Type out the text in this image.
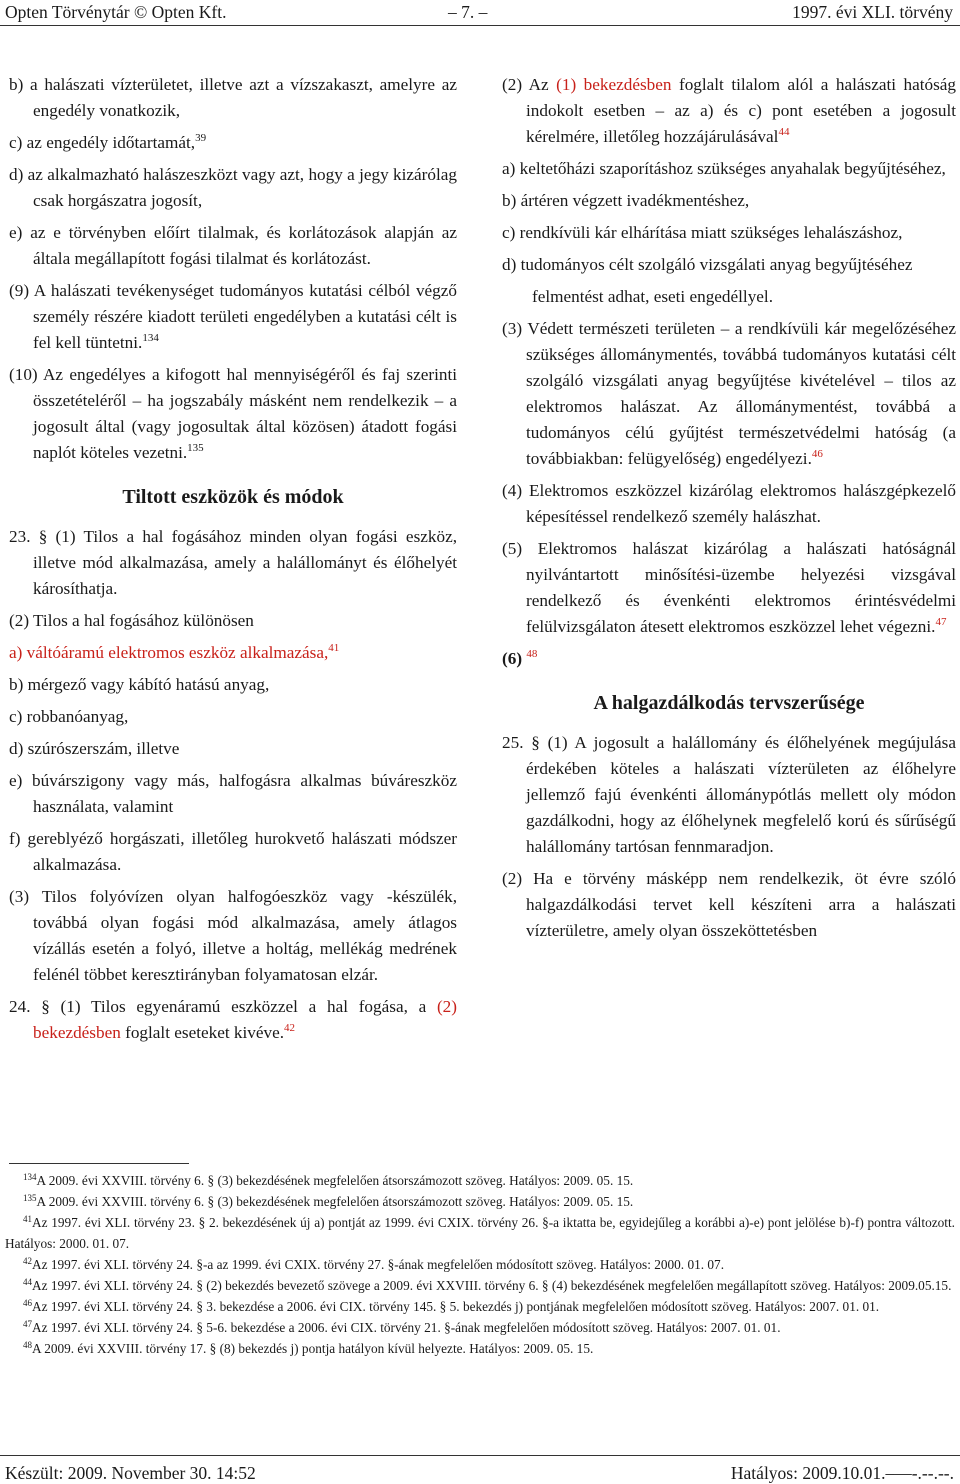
Opten Törvénytár © Opten Kft.	– 7. –	1997. évi XLI. törvény

b) a halászati vízterületet, illetve azt a vízszakaszt, amelyre az engedély vonatkozik,

c) az engedély időtartamát,$^{39}$

d) az alkalmazható halászeszközt vagy azt, hogy a jegy kizárólag csak horgászatra jogosít,

e) az e törvényben előírt tilalmak, és korlátozások alapján az általa megállapított fogási tilalmat és korlátozást.

(9) A halászati tevékenységet tudományos kutatási célból végző személy részére kiadott területi engedélyben a kutatási célt is fel kell tüntetni.$^{134}$

(10) Az engedélyes a kifogott hal mennyiségéről és faj szerinti összetételéről – ha jogszabály másként nem rendelkezik – a jogosult által (vagy jogosultak által közösen) átadott fogási naplót köteles vezetni.$^{135}$

Tiltott eszközök és módok

23. § (1) Tilos a hal fogásához minden olyan fogási eszköz, illetve mód alkalmazása, amely a halállományt és élőhelyét károsíthatja.

(2) Tilos a hal fogásához különösen

a) váltóáramú elektromos eszköz alkalmazása,$^{41}$

b) mérgező vagy kábító hatású anyag,

c) robbanóanyag,

d) szúrószerszám, illetve

e) búvárszigony vagy más, halfogásra alkalmas búváreszköz használata, valamint

f) gereblyéző horgászati, illetőleg hurokvető halászati módszer alkalmazása.

(3) Tilos folyóvízen olyan halfogóeszköz vagy -készülék, továbbá olyan fogási mód alkalmazása, amely átlagos vízállás esetén a folyó, illetve a holtág, mellékág medrének felénél többet keresztirányban folyamatosan elzár.

24. § (1) Tilos egyenáramú eszközzel a hal fogása, a (2) bekezdésben foglalt eseteket kivéve.$^{42}$

(2) Az (1) bekezdésben foglalt tilalom alól a halászati hatóság indokolt esetben – az a) és c) pont esetében a jogosult kérelmére, illetőleg hozzájárulásával$^{44}$

a) keltetőházi szaporításhoz szükséges anyahalak begyűjtéséhez,

b) ártéren végzett ivadékmentéshez,

c) rendkívüli kár elhárítása miatt szükséges lehalászáshoz,

d) tudományos célt szolgáló vizsgálati anyag begyűjtéséhez

felmentést adhat, eseti engedéllyel.

(3) Védett természeti területen – a rendkívüli kár megelőzéséhez szükséges állománymentés, továbbá tudományos kutatási célt szolgáló vizsgálati anyag begyűjtése kivételével – tilos az elektromos halászat. Az állománymentést, továbbá a tudományos célú gyűjtést természetvédelmi hatóság (a továbbiakban: felügyelőség) engedélyezi.$^{46}$

(4) Elektromos eszközzel kizárólag elektromos halászgépkezelő képesítéssel rendelkező személy halászhat.

(5) Elektromos halászat kizárólag a halászati hatóságnál nyilvántartott minősítési-üzembe helyezési vizsgával rendelkező és évenkénti elektromos érintésvédelmi felülvizsgálaton átesett elektromos eszközzel lehet végezni.$^{47}$

(6) $^{48}$

A halgazdálkodás tervszerűsége

25. § (1) A jogosult a halállomány és élőhelyének megújulása érdekében köteles a halászati vízterületen az élőhelyre jellemző fajú évenkénti állománypótlás mellett oly módon gazdálkodni, hogy az élőhelynek megfelelő korú és sűrűségű halállomány tartósan fennmaradjon.

(2) Ha e törvény másképp nem rendelkezik, öt évre szóló halgazdálkodási tervet kell készíteni arra a halászati vízterületre, amely olyan összeköttetésben

$^{134}$A 2009. évi XXVIII. törvény 6. § (3) bekezdésének megfelelően átsorszámozott szöveg. Hatályos: 2009. 05. 15.
$^{135}$A 2009. évi XXVIII. törvény 6. § (3) bekezdésének megfelelően átsorszámozott szöveg. Hatályos: 2009. 05. 15.
$^{41}$Az 1997. évi XLI. törvény 23. § 2. bekezdésének új a) pontját az 1999. évi CXIX. törvény 26. §-a iktatta be, egyidejűleg a korábbi a)-e) pont jelölése b)-f) pontra változott. Hatályos: 2000. 01. 07.
$^{42}$Az 1997. évi XLI. törvény 24. §-a az 1999. évi CXIX. törvény 27. §-ának megfelelően módosított szöveg. Hatályos: 2000. 01. 07.
$^{44}$Az 1997. évi XLI. törvény 24. § (2) bekezdés bevezető szövege a 2009. évi XXVIII. törvény 6. § (4) bekezdésének megfelelően megállapított szöveg. Hatályos: 2009.05.15.
$^{46}$Az 1997. évi XLI. törvény 24. § 3. bekezdése a 2006. évi CIX. törvény 145. § 5. bekezdés j) pontjának megfelelően módosított szöveg. Hatályos: 2007. 01. 01.
$^{47}$Az 1997. évi XLI. törvény 24. § 5-6. bekezdése a 2006. évi CIX. törvény 21. §-ának megfelelően módosított szöveg. Hatályos: 2007. 01. 01.
$^{48}$A 2009. évi XXVIII. törvény 17. § (8) bekezdés j) pontja hatályon kívül helyezte. Hatályos: 2009. 05. 15.
Készült: 2009. November 30. 14:52	Hatályos: 2009.10.01.–—-.--.--.
